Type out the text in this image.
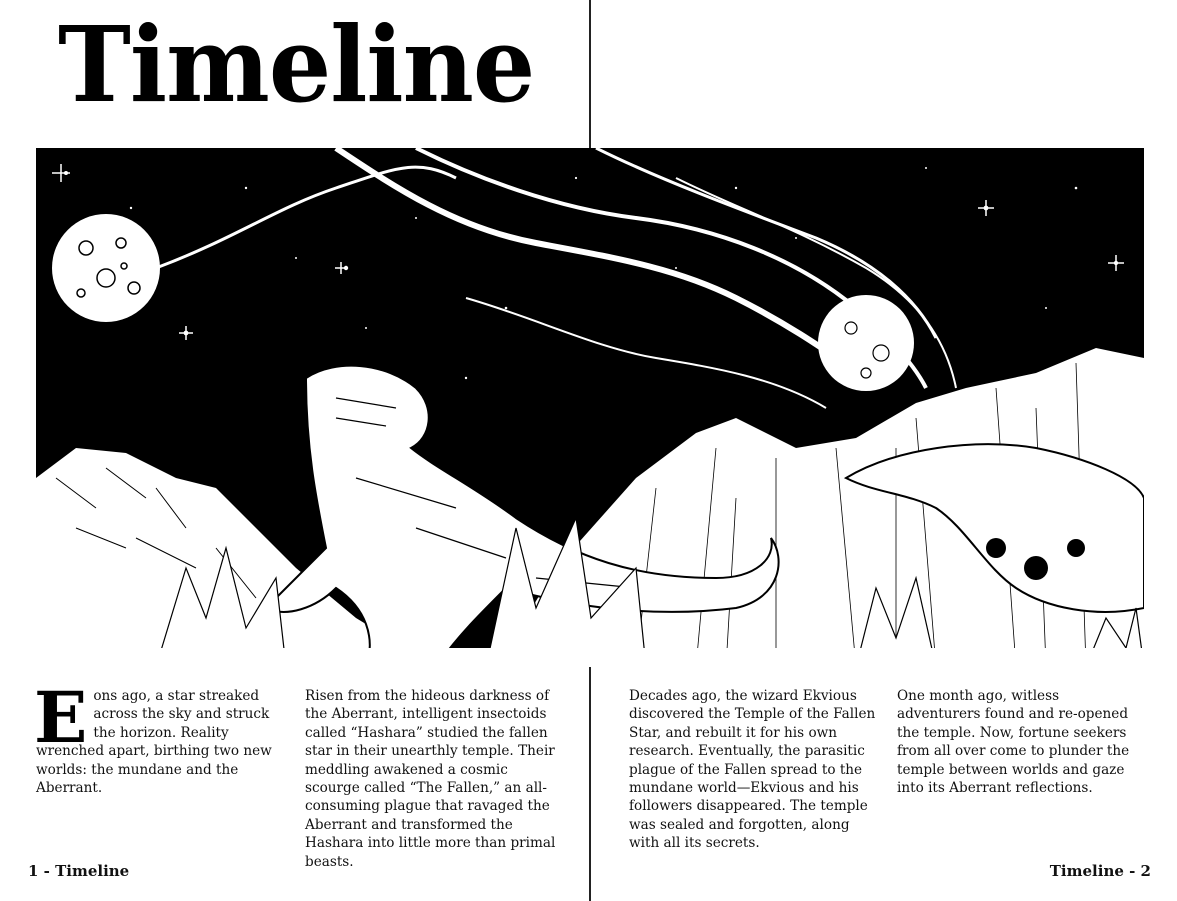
Timeline

Eons ago, a star streaked across the sky and struck the horizon. Reality wrenched apart, birthing two new worlds: the mundane and the Aberrant.

Risen from the hideous darkness of the Aberrant, intelligent insectoids called “Hashara” studied the fallen star in their unearthly temple. Their meddling awakened a cosmic scourge called “The Fallen,” an all-consuming plague that ravaged the Aberrant and transformed the Hashara into little more than primal beasts.

Decades ago, the wizard Ekvious discovered the Temple of the Fallen Star, and rebuilt it for his own research. Eventually, the parasitic plague of the Fallen spread to the mundane world—Ekvious and his followers disappeared. The temple was sealed and forgotten, along with all its secrets.

One month ago, witless adventurers found and re-opened the temple. Now, fortune seekers from all over come to plunder the temple between worlds and gaze into its Aberrant reflections.

1 - Timeline	Timeline - 2
